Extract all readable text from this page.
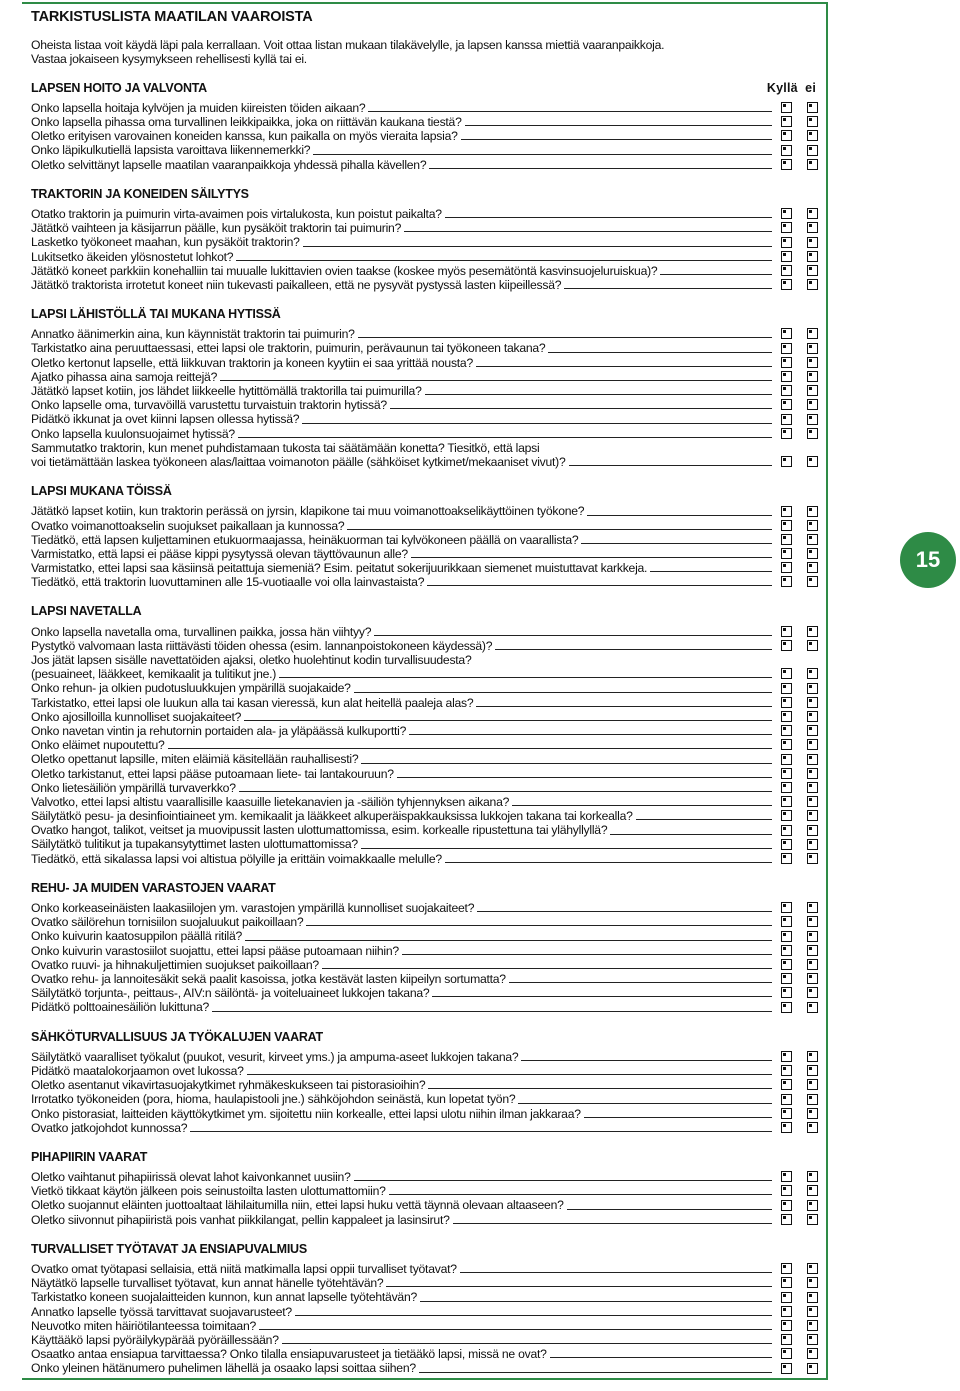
TARKISTUSLISTA MAATILAN VAAROISTA
Oheista listaa voit käydä läpi pala kerrallaan. Voit ottaa listan mukaan tilakävelylle, ja lapsen kanssa miettiä vaaranpaikkoja.
Vastaa jokaiseen kysymykseen rehellisesti kyllä tai ei.
LAPSEN HOITO JA VALVONTA	Kyllä ei
Onko lapsella hoitaja kylvöjen ja muiden kiireisten töiden aikaan?
Onko lapsella pihassa oma turvallinen leikkipaikka, joka on riittävän kaukana tiestä?
Oletko erityisen varovainen koneiden kanssa, kun paikalla on myös vieraita lapsia?
Onko läpikulkutiellä lapsista varoittava liikennemerkki?
Oletko selvittänyt lapselle maatilan vaaranpaikkoja yhdessä pihalla kävellen?
TRAKTORIN JA KONEIDEN SÄILYTYS
Otatko traktorin ja puimurin virta-avaimen pois virtalukosta, kun poistut paikalta?
Jätätkö vaihteen ja käsijarrun päälle, kun pysäköit traktorin tai puimurin?
Lasketko työkoneet maahan, kun pysäköit traktorin?
Lukitsetko äkeiden ylösnostetut lohkot?
Jätätkö koneet parkkiin konehalliin tai muualle lukittavien ovien taakse (koskee myös pesemätöntä kasvinsuojeluruiskua)?
Jätätkö traktorista irrotetut koneet niin tukevasti paikalleen, että ne pysyvät pystyssä lasten kiipeillessä?
LAPSI LÄHISTÖLLÄ TAI MUKANA HYTISSÄ
Annatko äänimerkin aina, kun käynnistät traktorin tai puimurin?
Tarkistatko aina peruuttaessasi, ettei lapsi ole traktorin, puimurin, perävaunun tai työkoneen takana?
Oletko kertonut lapselle, että liikkuvan traktorin ja koneen kyytiin ei saa yrittää nousta?
Ajatko pihassa aina samoja reittejä?
Jätätkö lapset kotiin, jos lähdet liikkeelle hytittömällä traktorilla tai puimurilla?
Onko lapselle oma, turvavöillä varustettu turvaistuin traktorin hytissä?
Pidätkö ikkunat ja ovet kiinni lapsen ollessa hytissä?
Onko lapsella kuulonsuojaimet hytissä?
Sammutatko traktorin, kun menet puhdistamaan tukosta tai säätämään konetta? Tiesitkö, että lapsi
voi tietämättään laskea työkoneen alas/laittaa voimanoton päälle (sähköiset kytkimet/mekaaniset vivut)?
LAPSI MUKANA TÖISSÄ
Jätätkö lapset kotiin, kun traktorin perässä on jyrsin, klapikone tai muu voimanottoakselikäyttöinen työkone?
Ovatko voimanottoakselin suojukset paikallaan ja kunnossa?
Tiedätkö, että lapsen kuljettaminen etukuormaajassa, heinäkuorman tai kylvökoneen päällä on vaarallista?
Varmistatko, että lapsi ei pääse kippi pysytyssä olevan täyttövaunun alle?
Varmistatko, ettei lapsi saa käsiinsä peitattuja siemeniä? Esim. peitatut sokerijuurikkaan siemenet muistuttavat karkkeja.
Tiedätkö, että traktorin luovuttaminen alle 15-vuotiaalle voi olla lainvastaista?
LAPSI NAVETALLA
Onko lapsella navetalla oma, turvallinen paikka, jossa hän viihtyy?
Pystytkö valvomaan lasta riittävästi töiden ohessa (esim. lannanpoistokoneen käydessä)?
Jos jätät lapsen sisälle navettatöiden ajaksi, oletko huolehtinut kodin turvallisuudesta?
(pesuaineet, lääkkeet, kemikaalit ja tulitikut jne.)
Onko rehun- ja olkien pudotusluukkujen ympärillä suojakaide?
Tarkistatko, ettei lapsi ole luukun alla tai kasan vieressä, kun alat heitellä paaleja alas?
Onko ajosilloilla kunnolliset suojakaiteet?
Onko navetan vintin ja rehutornin portaiden ala- ja yläpäässä kulkuportti?
Onko eläimet nupoutettu?
Oletko opettanut lapsille, miten eläimiä käsitellään rauhallisesti?
Oletko tarkistanut, ettei lapsi pääse putoamaan liete- tai lantakouruun?
Onko lietesäiliön ympärillä turvaverkko?
Valvotko, ettei lapsi altistu vaarallisille kaasuille lietekanavien ja -säiliön tyhjennyksen aikana?
Säilytätkö pesu- ja desinfiointiaineet ym. kemikaalit ja lääkkeet alkuperäispakkauksissa lukkojen takana tai korkealla?
Ovatko hangot, talikot, veitset ja muovipussit lasten ulottumattomissa, esim. korkealle ripustettuna tai ylähyllyllä?
Säilytätkö tulitikut ja tupakansytyttimet lasten ulottumattomissa?
Tiedätkö, että sikalassa lapsi voi altistua pölyille ja erittäin voimakkaalle melulle?
REHU- JA MUIDEN VARASTOJEN VAARAT
Onko korkeaseinäisten laakasiilojen ym. varastojen ympärillä kunnolliset suojakaiteet?
Ovatko säilörehun tornisiilon suojaluukut paikoillaan?
Onko kuivurin kaatosuppilon päällä ritilä?
Onko kuivurin varastosiilot suojattu, ettei lapsi pääse putoamaan niihin?
Ovatko ruuvi- ja hihnakuljettimien suojukset paikoillaan?
Ovatko rehu- ja lannoitesäkit sekä paalit kasoissa, jotka kestävät lasten kiipeilyn sortumatta?
Säilytätkö torjunta-, peittaus-, AIV:n säilöntä- ja voiteluaineet lukkojen takana?
Pidätkö polttoainesäiliön lukittuna?
SÄHKÖTURVALLISUUS JA TYÖKALUJEN VAARAT
Säilytätkö vaaralliset työkalut (puukot, vesurit, kirveet yms.) ja ampuma-aseet lukkojen takana?
Pidätkö maatalokorjaamon ovet lukossa?
Oletko asentanut vikavirtasuojakytkimet ryhmäkeskukseen tai pistorasioihin?
Irrotatko työkoneiden (pora, hiomа, haulapistooli jne.) sähköjohdon seinästä, kun lopetat työn?
Onko pistorasiat, laitteiden käyttökytkimet ym. sijoitettu niin korkealle, ettei lapsi ulotu niihin ilman jakkaraa?
Ovatko jatkojohdot kunnossa?
PIHAPIIRIN VAARAT
Oletko vaihtanut pihapiirissä olevat lahot kaivonkannet uusiin?
Vietkö tikkaat käytön jälkeen pois seinustoilta lasten ulottumattomiin?
Oletko suojannut eläinten juottoaltaat lähilaitumilla niin, ettei lapsi huku vettä täynnä olevaan altaaseen?
Oletko siivonnut pihapiiristä pois vanhat piikkilangat, pellin kappaleet ja lasinsirut?
TURVALLISET TYÖTAVAT JA ENSIAPUVALMIUS
Ovatko omat työtapasi sellaisia, että niitä matkimalla lapsi oppii turvalliset työtavat?
Näytätkö lapselle turvalliset työtavat, kun annat hänelle työtehtävän?
Tarkistatko koneen suojalaitteiden kunnon, kun annat lapselle työtehtävän?
Annatko lapselle työssä tarvittavat suojavarusteet?
Neuvotko miten häiriötilanteessa toimitaan?
Käyttääkö lapsi pyöräilykypärää pyöräillessään?
Osaatko antaa ensiapua tarvittaessa? Onko tilalla ensiapuvarusteet ja tietääkö lapsi, missä ne ovat?
Onko yleinen hätänumero puhelimen lähellä ja osaako lapsi soittaa siihen?
15
